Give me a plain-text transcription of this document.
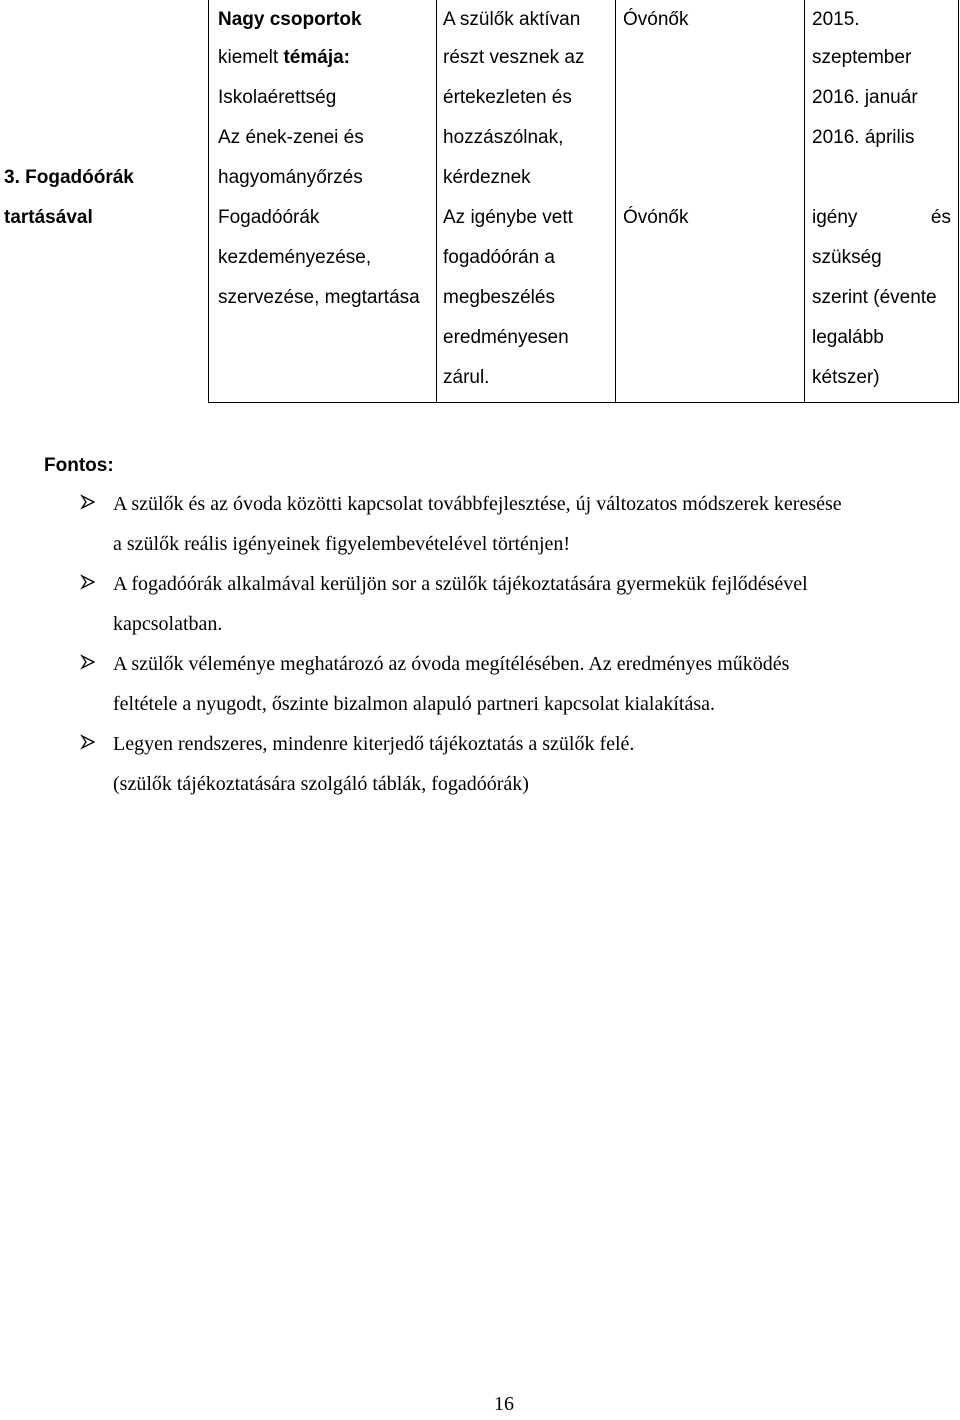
3. Fogadóórák
tartásával
Nagy csoportok
kiemelt témája:
Iskolaérettség
Az ének-zenei és
hagyományőrzés
Fogadóórák
kezdeményezése,
szervezése, megtartása
A szülők aktívan
részt vesznek az
értekezleten és
hozzászólnak,
kérdeznek
Az igénybe vett
fogadóórán a
megbeszélés
eredményesen
zárul.
Óvónők
Óvónők
2015.
szeptember
2016. január
2016. április
igény	és
szükség
szerint (évente
legalább
kétszer)
Fontos:
A szülők és az óvoda közötti kapcsolat továbbfejlesztése, új változatos módszerek keresése
a szülők reális igényeinek figyelembevételével történjen!
A fogadóórák alkalmával kerüljön sor a szülők tájékoztatására gyermekük fejlődésével
kapcsolatban.
A szülők véleménye meghatározó az óvoda megítélésében. Az eredményes működés
feltétele a nyugodt, őszinte bizalmon alapuló partneri kapcsolat kialakítása.
Legyen rendszeres, mindenre kiterjedő tájékoztatás a szülők felé.
(szülők tájékoztatására szolgáló táblák, fogadóórák)
16
